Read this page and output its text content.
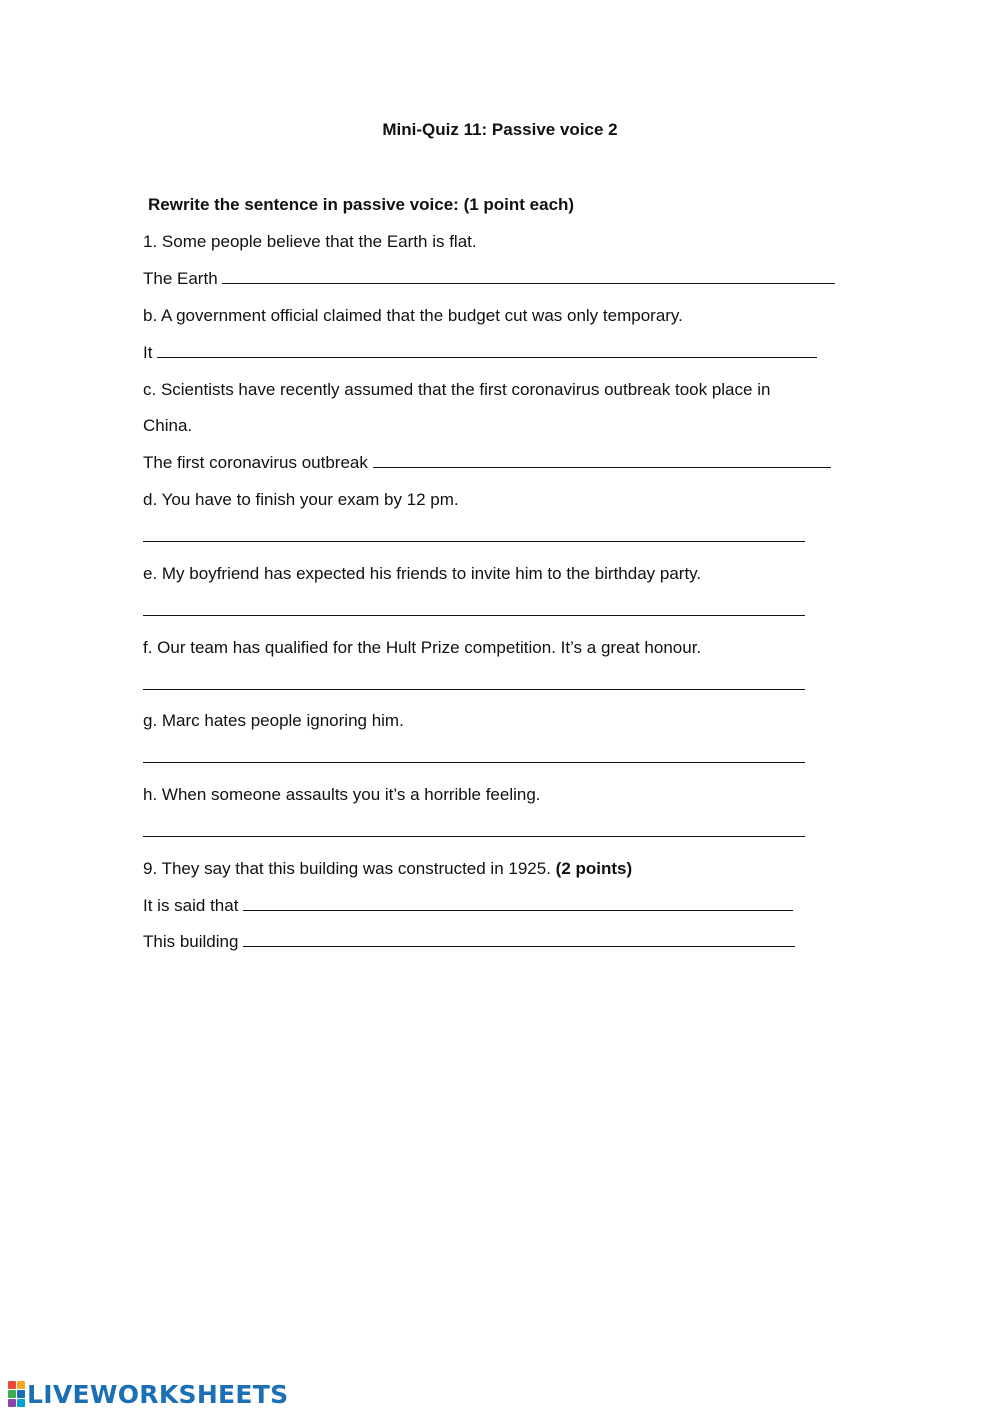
Mini-Quiz 11: Passive voice 2
Rewrite the sentence in passive voice: (1 point each)
1. Some people believe that the Earth is flat.
The Earth
b. A government official claimed that the budget cut was only temporary.
It
c. Scientists have recently assumed that the first coronavirus outbreak took place in
China.
The first coronavirus outbreak
d. You have to finish your exam by 12 pm.
e. My boyfriend has expected his friends to invite him to the birthday party.
f. Our team has qualified for the Hult Prize competition. It’s a great honour.
g. Marc hates people ignoring him.
h. When someone assaults you it’s a horrible feeling.
9. They say that this building was constructed in 1925. (2 points)
It is said that
This building
LIVEWORKSHEETS
